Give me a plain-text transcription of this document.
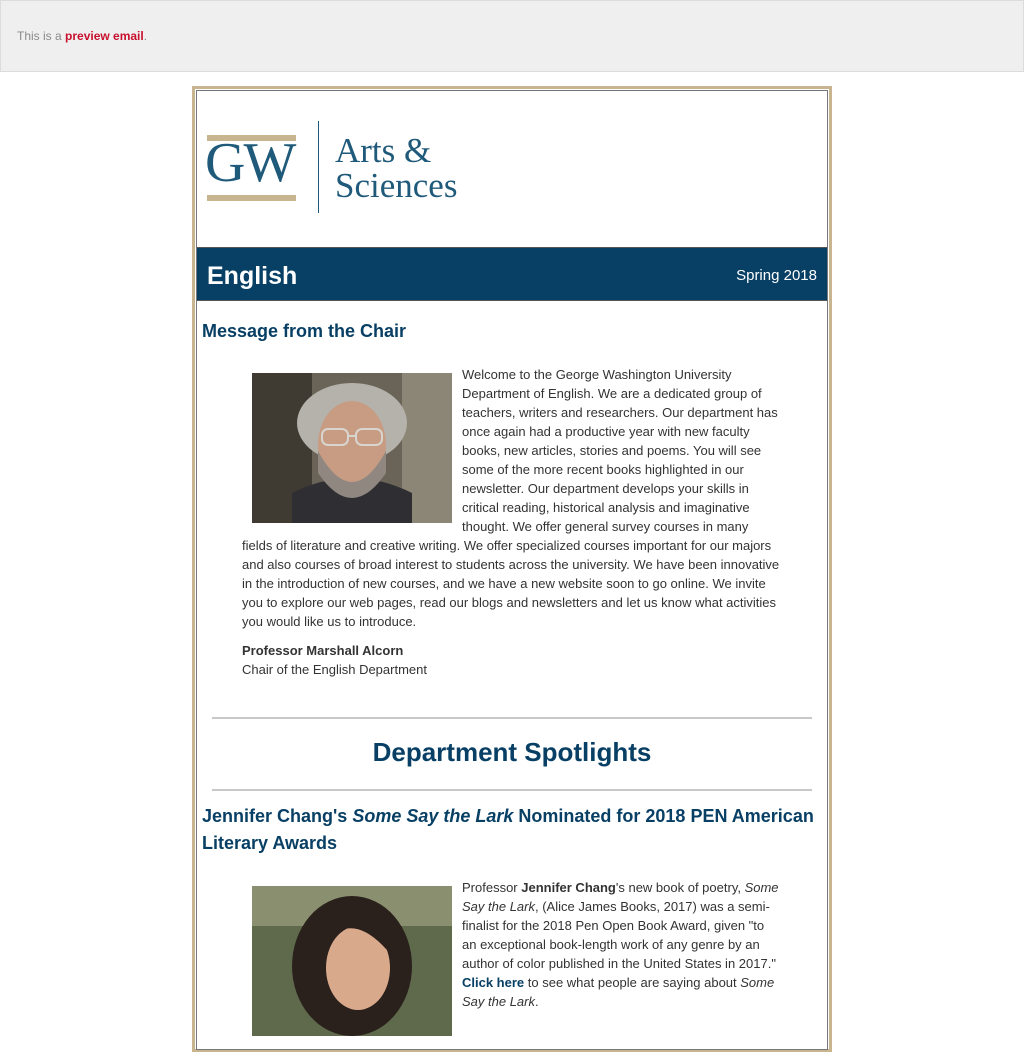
This is a preview email.
GW Arts &
Sciences
English	Spring 2018
Message from the Chair
Welcome to the George Washington University Department of English. We are a dedicated group of teachers, writers and researchers. Our department has once again had a productive year with new faculty books, new articles, stories and poems. You will see some of the more recent books highlighted in our newsletter. Our department develops your skills in critical reading, historical analysis and imaginative thought. We offer general survey courses in many fields of literature and creative writing. We offer specialized courses important for our majors and also courses of broad interest to students across the university. We have been innovative in the introduction of new courses, and we have a new website soon to go online. We invite you to explore our web pages, read our blogs and newsletters and let us know what activities you would like us to introduce.
Professor Marshall Alcorn
Chair of the English Department
Department Spotlights
Jennifer Chang's Some Say the Lark Nominated for 2018 PEN American Literary Awards
Professor Jennifer Chang's new book of poetry, Some Say the Lark, (Alice James Books, 2017) was a semi-finalist for the 2018 Pen Open Book Award, given "to an exceptional book-length work of any genre by an author of color published in the United States in 2017." Click here to see what people are saying about Some Say the Lark.
